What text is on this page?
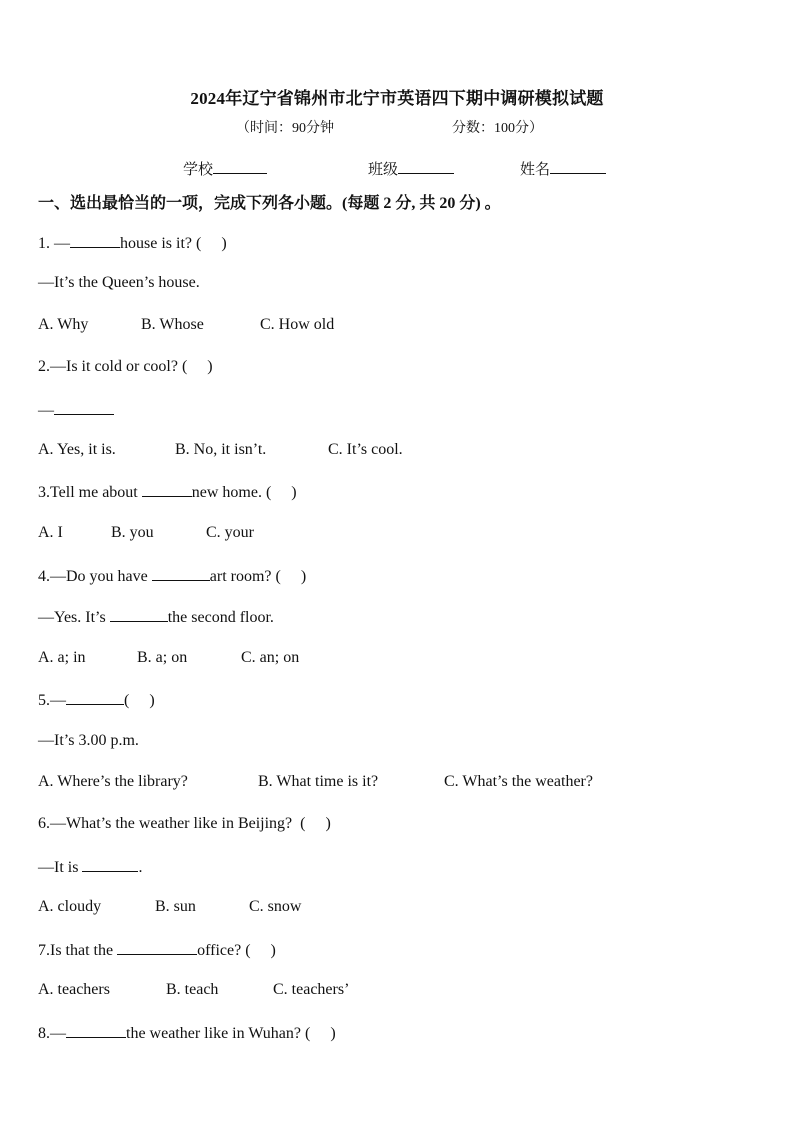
2024年辽宁省锦州市北宁市英语四下期中调研模拟试题
（时间：90分钟	分数：100分）
学校	班级	姓名
一、选出最恰当的一项，完成下列各小题。(每题 2 分, 共 20 分) 。
1. —	house is it? (     )
—It’s the Queen’s house.
A. Why	B. Whose	C. How old
2.—Is it cold or cool? (     )
—
A. Yes, it is.	B. No, it isn’t.	C. It’s cool.
3.Tell me about	new home. (     )
A. I	B. you	C. your
4.—Do you have	art room? (     )
—Yes. It’s	the second floor.
A. a; in	B. a; on	C. an; on
5.—	(     )
—It’s 3.00 p.m.
A. Where’s the library?	B. What time is it?	C. What’s the weather?
6.—What’s the weather like in Beijing?  (     )
—It is	.
A. cloudy	B. sun	C. snow
7.Is that the	office? (     )
A. teachers	B. teach	C. teachers’
8.—	the weather like in Wuhan? (     )
